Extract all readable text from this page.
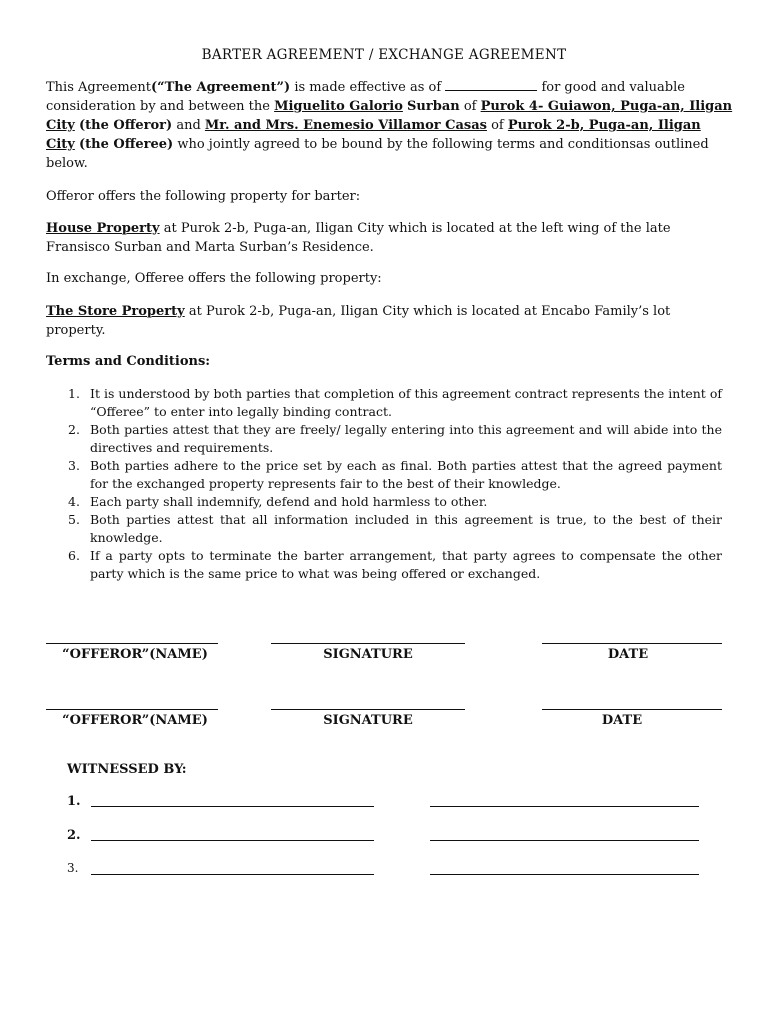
BARTER AGREEMENT / EXCHANGE AGREEMENT
This Agreement(“The Agreement”) is made effective as of	for good and valuable
consideration by and between the Miguelito Galorio Surban of Purok 4- Guiawon, Puga-an, Iligan
City (the Offeror) and Mr. and Mrs. Enemesio Villamor Casas of Purok 2-b, Puga-an, Iligan
City (the Offeree) who jointly agreed to be bound by the following terms and conditionsas outlined
below.
Offeror offers the following property for barter:
House Property at Purok 2-b, Puga-an, Iligan City which is located at the left wing of the late
Fransisco Surban and Marta Surban’s Residence.
In exchange, Offeree offers the following property:
The Store Property at Purok 2-b, Puga-an, Iligan City which is located at Encabo Family’s lot
property.
Terms and Conditions:
1. It is understood by both parties that completion of this agreement contract represents the intent of “Offeree” to enter into legally binding contract.
2. Both parties attest that they are freely/ legally entering into this agreement and will abide into the directives and requirements.
3. Both parties adhere to the price set by each as final. Both parties attest that the agreed payment for the exchanged property represents fair to the best of their knowledge.
4. Each party shall indemnify, defend and hold harmless to other.
5. Both parties attest that all information included in this agreement is true, to the best of their knowledge.
6. If a party opts to terminate the barter arrangement, that party agrees to compensate the other party which is the same price to what was being offered or exchanged.
“OFFEROR”(NAME)	SIGNATURE	DATE
“OFFEROR”(NAME)	SIGNATURE	DATE
WITNESSED BY:
1.
2.
3.
